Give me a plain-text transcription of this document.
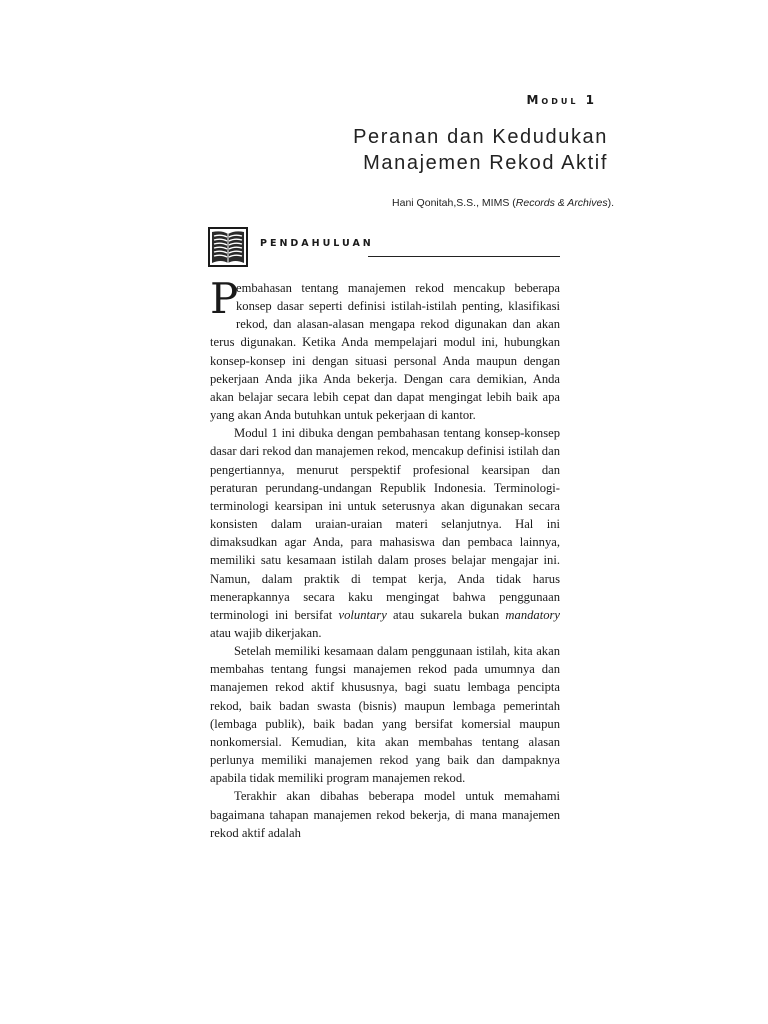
Modul 1
Peranan dan Kedudukan
Manajemen Rekod Aktif
Hani Qonitah,S.S., MIMS (Records & Archives).
PENDAHULUAN

P
embahasan tentang manajemen rekod mencakup beberapa konsep dasar seperti definisi istilah-istilah penting, klasifikasi rekod, dan alasan-alasan mengapa rekod digunakan dan akan terus digunakan. Ketika Anda mempelajari modul ini, hubungkan konsep-konsep ini dengan situasi personal Anda maupun dengan pekerjaan Anda jika Anda bekerja. Dengan cara demikian, Anda akan belajar secara lebih cepat dan dapat mengingat lebih baik apa yang akan Anda butuhkan untuk pekerjaan di kantor.

Modul 1 ini dibuka dengan pembahasan tentang konsep-konsep dasar dari rekod dan manajemen rekod, mencakup definisi istilah dan pengertiannya, menurut perspektif profesional kearsipan dan peraturan perundang-undangan Republik Indonesia. Terminologi-terminologi kearsipan ini untuk seterusnya akan digunakan secara konsisten dalam uraian-uraian materi selanjutnya. Hal ini dimaksudkan agar Anda, para mahasiswa dan pembaca lainnya, memiliki satu kesamaan istilah dalam proses belajar mengajar ini. Namun, dalam praktik di tempat kerja, Anda tidak harus menerapkannya secara kaku mengingat bahwa penggunaan terminologi ini bersifat voluntary atau sukarela bukan mandatory atau wajib dikerjakan.

Setelah memiliki kesamaan dalam penggunaan istilah, kita akan membahas tentang fungsi manajemen rekod pada umumnya dan manajemen rekod aktif khususnya, bagi suatu lembaga pencipta rekod, baik badan swasta (bisnis) maupun lembaga pemerintah (lembaga publik), baik badan yang bersifat komersial maupun nonkomersial. Kemudian, kita akan membahas tentang alasan perlunya memiliki manajemen rekod yang baik dan dampaknya apabila tidak memiliki program manajemen rekod.

Terakhir akan dibahas beberapa model untuk memahami bagaimana tahapan manajemen rekod bekerja, di mana manajemen rekod aktif adalah
